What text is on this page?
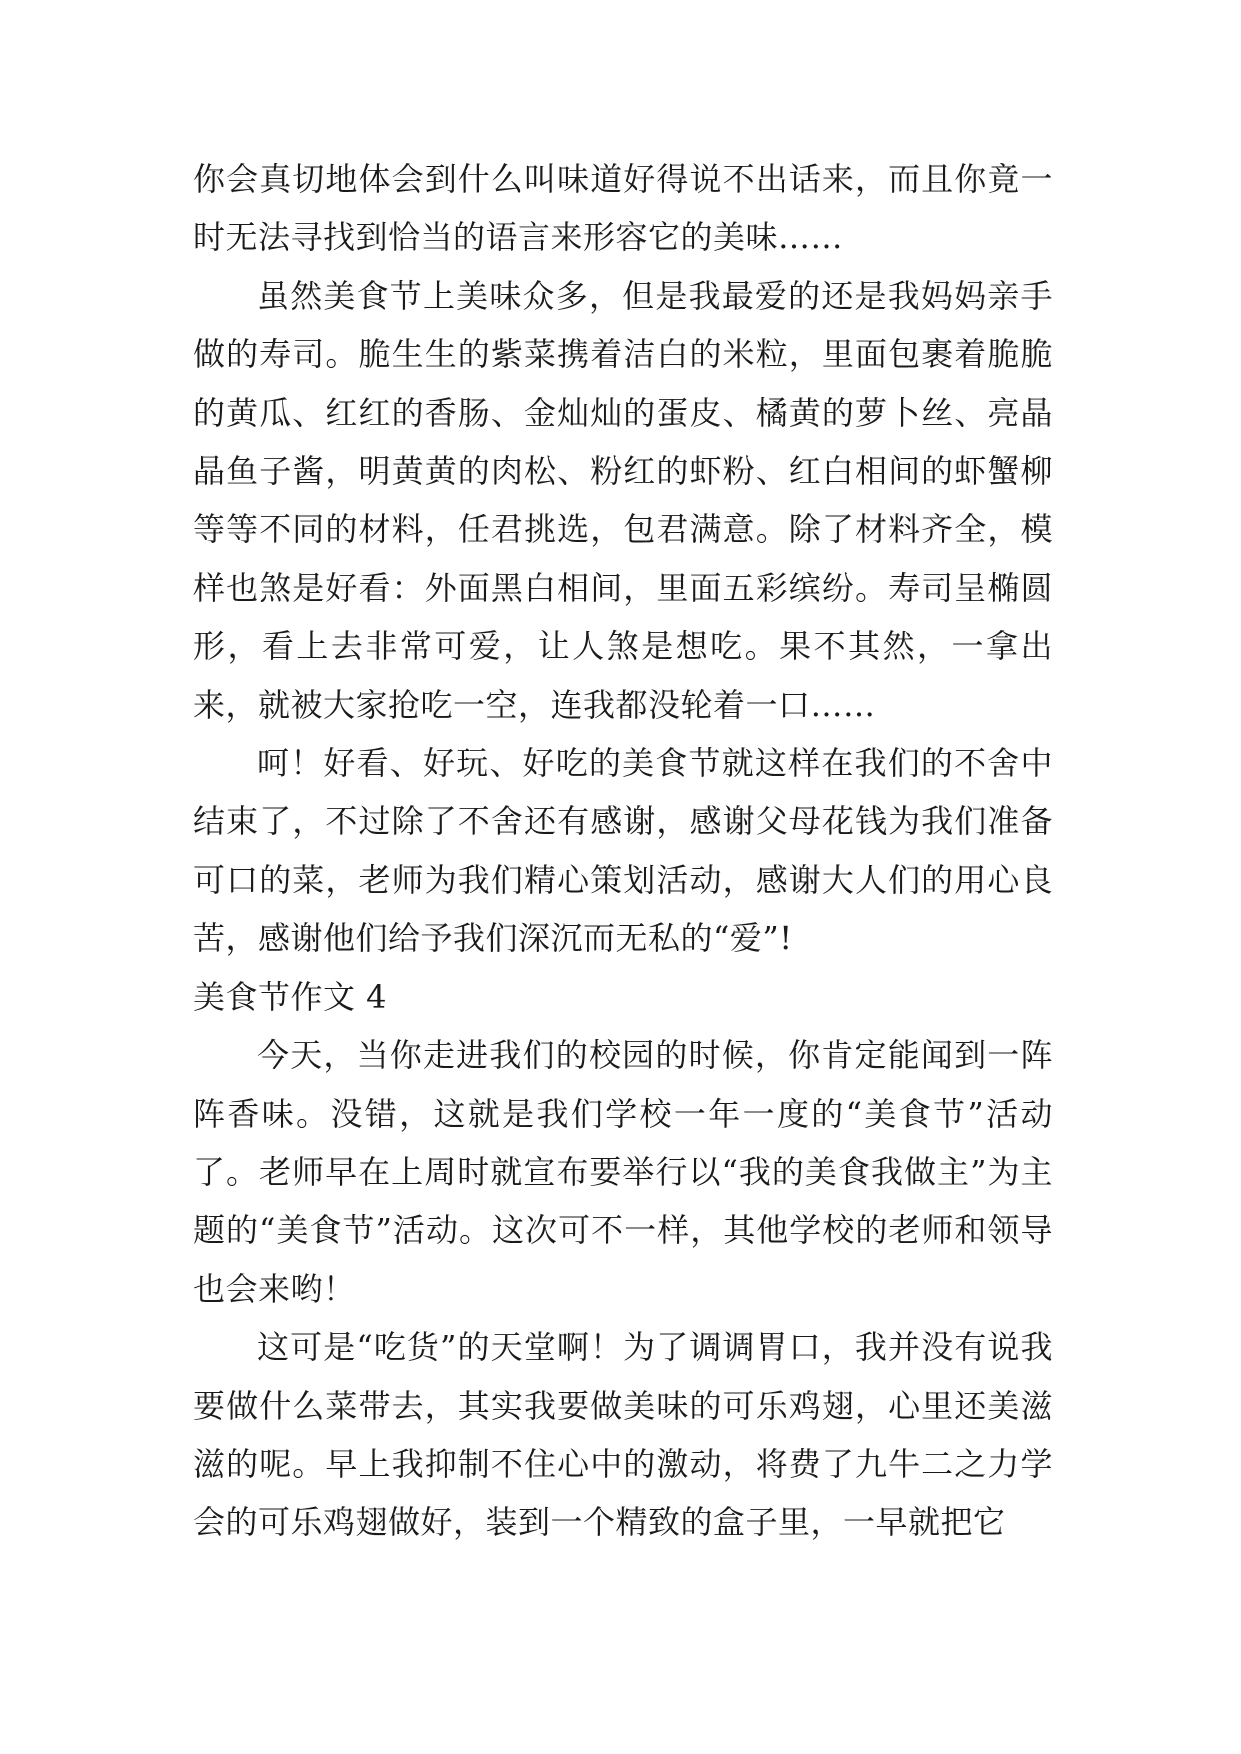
你会真切地体会到什么叫味道好得说不出话来，而且你竟一时无法寻找到恰当的语言来形容它的美味……

虽然美食节上美味众多，但是我最爱的还是我妈妈亲手做的寿司。脆生生的紫菜携着洁白的米粒，里面包裹着脆脆的黄瓜、红红的香肠、金灿灿的蛋皮、橘黄的萝卜丝、亮晶晶鱼子酱，明黄黄的肉松、粉红的虾粉、红白相间的虾蟹柳等等不同的材料，任君挑选，包君满意。除了材料齐全，模样也煞是好看：外面黑白相间，里面五彩缤纷。寿司呈椭圆形，看上去非常可爱，让人煞是想吃。果不其然，一拿出来，就被大家抢吃一空，连我都没轮着一口……

呵！好看、好玩、好吃的美食节就这样在我们的不舍中结束了，不过除了不舍还有感谢，感谢父母花钱为我们准备可口的菜，老师为我们精心策划活动，感谢大人们的用心良苦，感谢他们给予我们深沉而无私的“爱”!

美食节作文 4

今天，当你走进我们的校园的时候，你肯定能闻到一阵阵香味。没错，这就是我们学校一年一度的“美食节”活动了。老师早在上周时就宣布要举行以“我的美食我做主”为主题的“美食节”活动。这次可不一样，其他学校的老师和领导也会来哟！

这可是“吃货”的天堂啊！为了调调胃口，我并没有说我要做什么菜带去，其实我要做美味的可乐鸡翅，心里还美滋滋的呢。早上我抑制不住心中的激动，将费了九牛二之力学会的可乐鸡翅做好，装到一个精致的盒子里，一早就把它
